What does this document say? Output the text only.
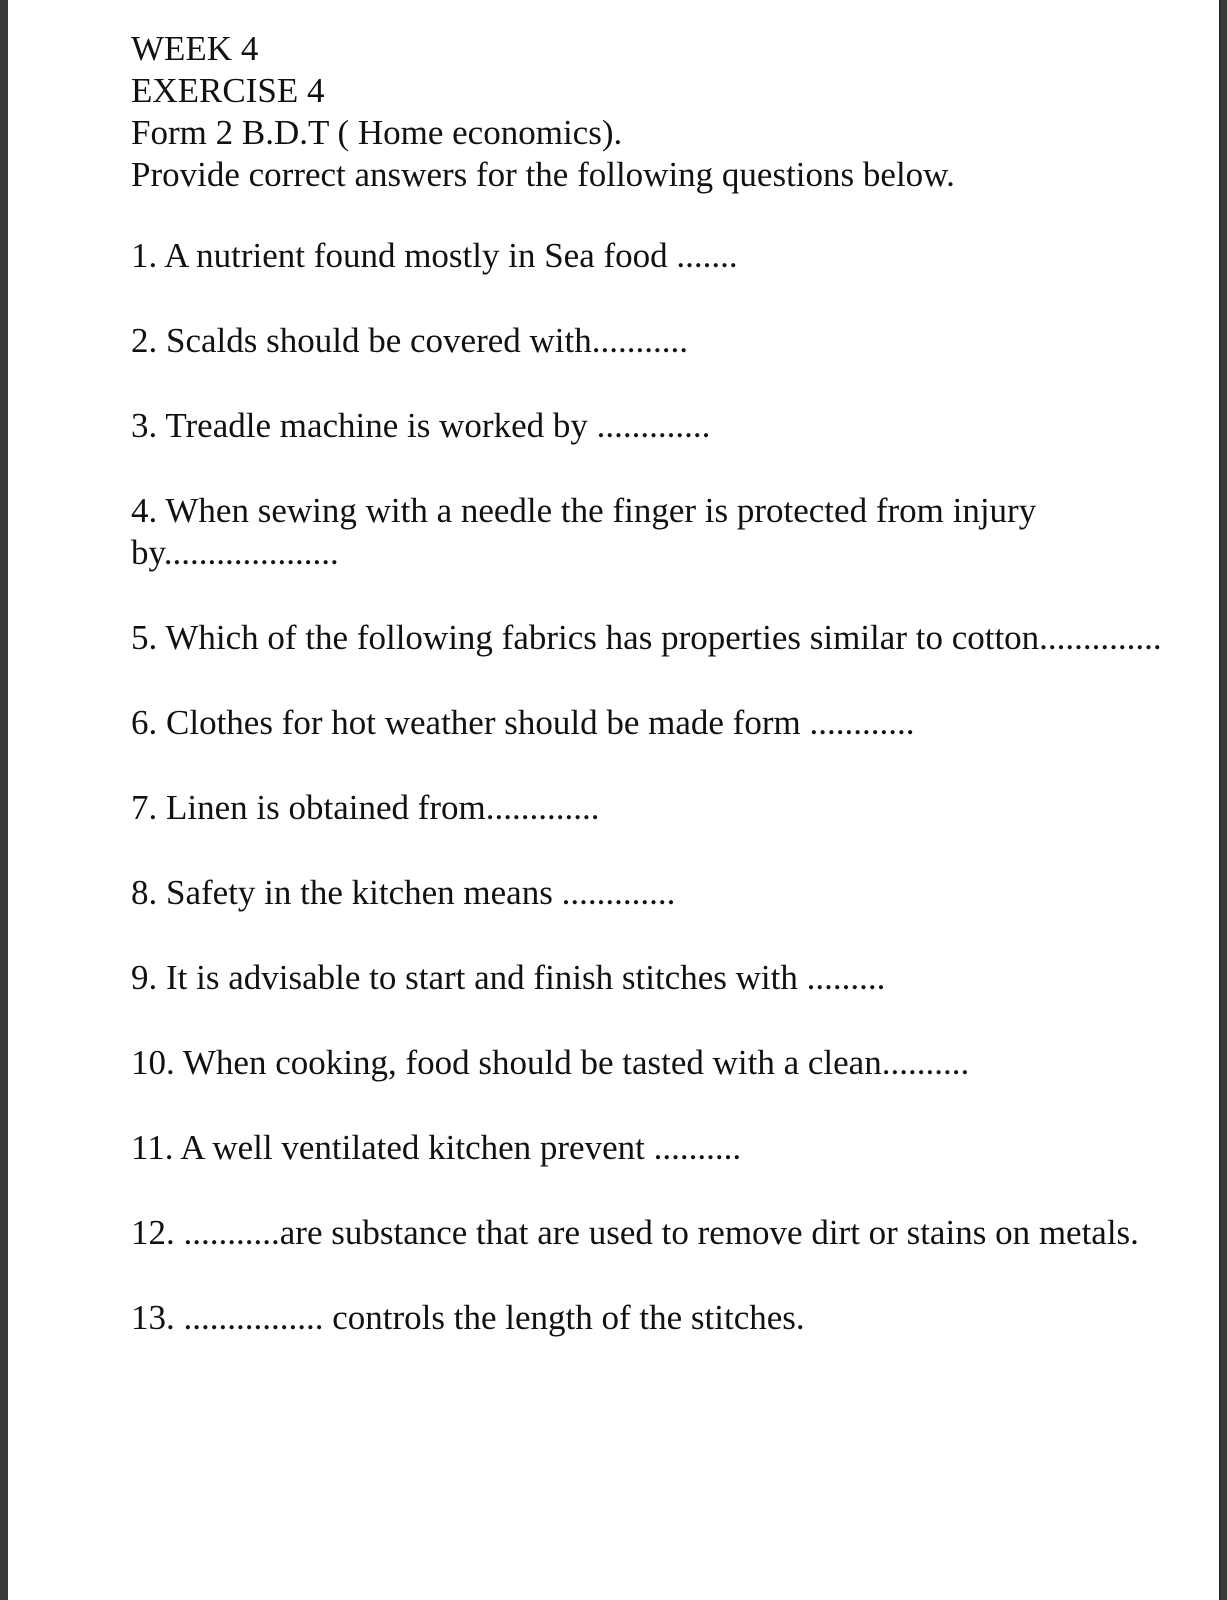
WEEK 4

EXERCISE 4

Form 2 B.D.T ( Home economics).

Provide correct answers for the following questions below.

1. A nutrient found mostly in Sea food .......

2. Scalds should be covered with...........

3. Treadle machine is worked by .............

4. When sewing with a needle the finger is protected from injury by....................

5. Which of the following fabrics has properties similar to cotton..............

6. Clothes for hot weather should be made form ............

7. Linen is obtained from.............

8. Safety in the kitchen means .............

9. It is advisable to start and finish stitches with .........

10. When cooking, food should be tasted with a clean..........

11. A well ventilated kitchen prevent ..........

12. ...........are substance that are used to remove dirt or stains on metals.

13. ................ controls the length of the stitches.
